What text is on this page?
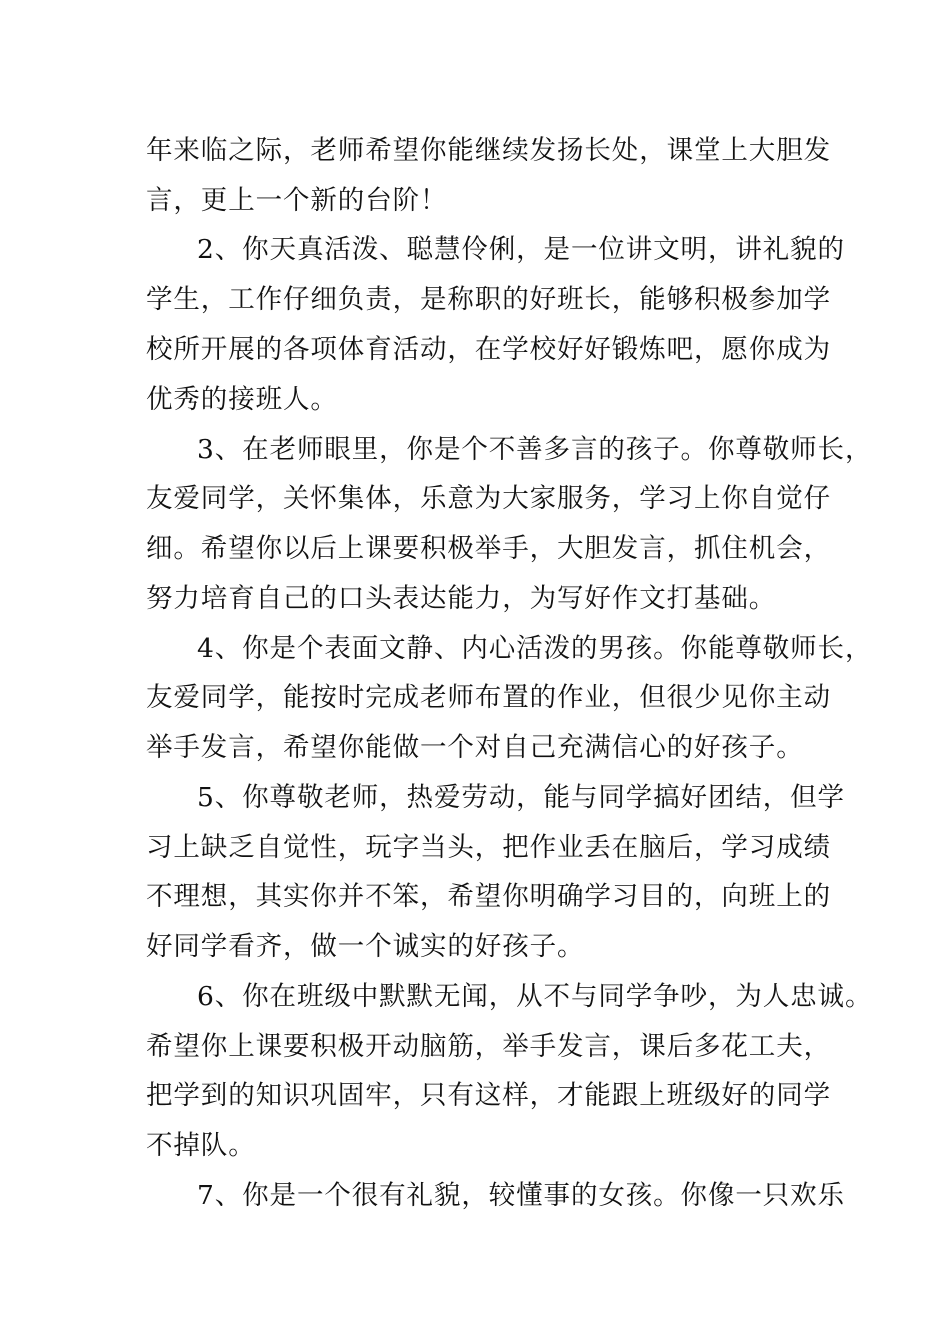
年来临之际，老师希望你能继续发扬长处，课堂上大胆发
言，更上一个新的台阶！
2、你天真活泼、聪慧伶俐，是一位讲文明，讲礼貌的
学生，工作仔细负责，是称职的好班长，能够积极参加学
校所开展的各项体育活动，在学校好好锻炼吧，愿你成为
优秀的接班人。
3、在老师眼里，你是个不善多言的孩子。你尊敬师长，
友爱同学，关怀集体，乐意为大家服务，学习上你自觉仔
细。希望你以后上课要积极举手，大胆发言，抓住机会，
努力培育自己的口头表达能力，为写好作文打基础。
4、你是个表面文静、内心活泼的男孩。你能尊敬师长，
友爱同学，能按时完成老师布置的作业，但很少见你主动
举手发言，希望你能做一个对自己充满信心的好孩子。
5、你尊敬老师，热爱劳动，能与同学搞好团结，但学
习上缺乏自觉性，玩字当头，把作业丢在脑后，学习成绩
不理想，其实你并不笨，希望你明确学习目的，向班上的
好同学看齐，做一个诚实的好孩子。
6、你在班级中默默无闻，从不与同学争吵，为人忠诚。
希望你上课要积极开动脑筋，举手发言，课后多花工夫，
把学到的知识巩固牢，只有这样，才能跟上班级好的同学
不掉队。
7、你是一个很有礼貌，较懂事的女孩。你像一只欢乐
